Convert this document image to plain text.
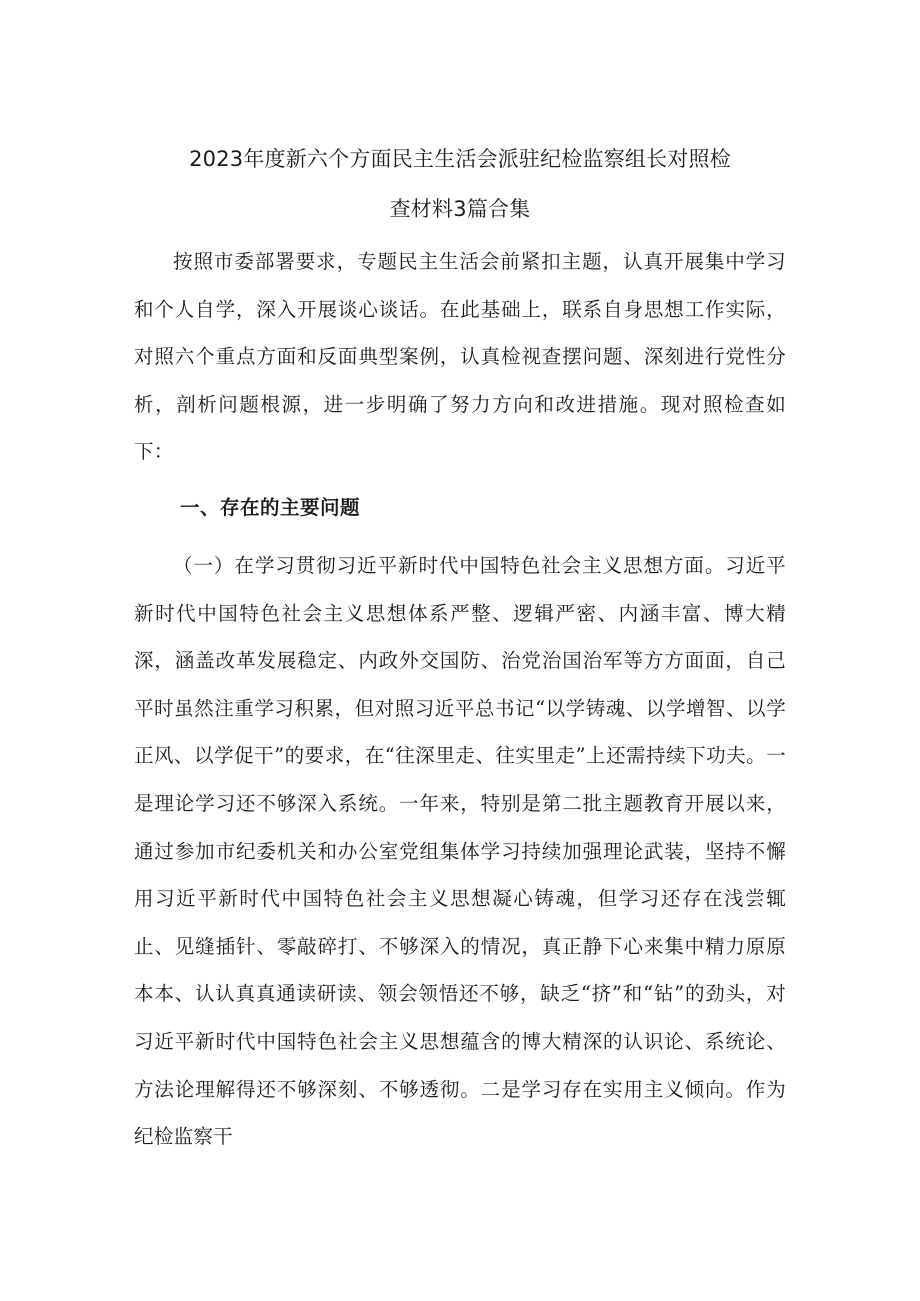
2023年度新六个方面民主生活会派驻纪检监察组长对照检
查材料3篇合集
按照市委部署要求，专题民主生活会前紧扣主题，认真开展集中学习和个人自学，深入开展谈心谈话。在此基础上，联系自身思想工作实际，对照六个重点方面和反面典型案例，认真检视查摆问题、深刻进行党性分析，剖析问题根源，进一步明确了努力方向和改进措施。现对照检查如下：
一、存在的主要问题
（一）在学习贯彻习近平新时代中国特色社会主义思想方面。习近平新时代中国特色社会主义思想体系严整、逻辑严密、内涵丰富、博大精深，涵盖改革发展稳定、内政外交国防、治党治国治军等方方面面，自己平时虽然注重学习积累，但对照习近平总书记“以学铸魂、以学增智、以学正风、以学促干”的要求，在“往深里走、往实里走”上还需持续下功夫。一是理论学习还不够深入系统。一年来，特别是第二批主题教育开展以来，通过参加市纪委机关和办公室党组集体学习持续加强理论武装，坚持不懈用习近平新时代中国特色社会主义思想凝心铸魂，但学习还存在浅尝辄止、见缝插针、零敲碎打、不够深入的情况，真正静下心来集中精力原原本本、认认真真通读研读、领会领悟还不够，缺乏“挤”和“钻”的劲头，对习近平新时代中国特色社会主义思想蕴含的博大精深的认识论、系统论、方法论理解得还不够深刻、不够透彻。二是学习存在实用主义倾向。作为纪检监察干
